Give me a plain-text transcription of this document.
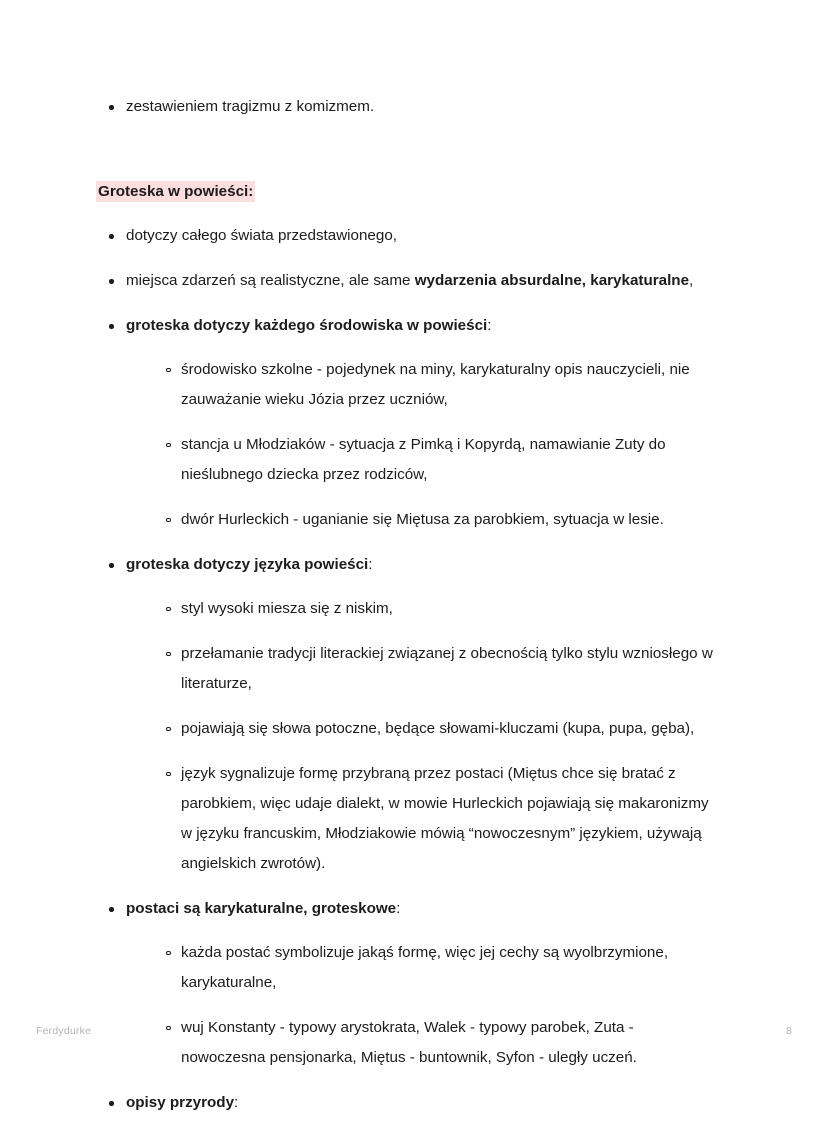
zestawieniem tragizmu z komizmem.
Groteska w powieści:
dotyczy całego świata przedstawionego,
miejsca zdarzeń są realistyczne, ale same wydarzenia absurdalne, karykaturalne,
groteska dotyczy każdego środowiska w powieści:
środowisko szkolne - pojedynek na miny, karykaturalny opis nauczycieli, nie zauważanie wieku Józia przez uczniów,
stancja u Młodziaków - sytuacja z Pimką i Kopyrdą, namawianie Zuty do nieślubnego dziecka przez rodziców,
dwór Hurleckich - uganianie się Miętusa za parobkiem, sytuacja w lesie.
groteska dotyczy języka powieści:
styl wysoki miesza się z niskim,
przełamanie tradycji literackiej związanej z obecnością tylko stylu wzniosłego w literaturze,
pojawiają się słowa potoczne, będące słowami-kluczami (kupa, pupa, gęba),
język sygnalizuje formę przybraną przez postaci (Miętus chce się bratać z parobkiem, więc udaje dialekt, w mowie Hurleckich pojawiają się makaronizmy w języku francuskim, Młodziakowie mówią “nowoczesnym” językiem, używają angielskich zwrotów).
postaci są karykaturalne, groteskowe:
każda postać symbolizuje jakąś formę, więc jej cechy są wyolbrzymione, karykaturalne,
wuj Konstanty - typowy arystokrata, Walek - typowy parobek, Zuta - nowoczesna pensjonarka, Miętus - buntownik, Syfon - uległy uczeń.
opisy przyrody:
Ferdydurke	8
